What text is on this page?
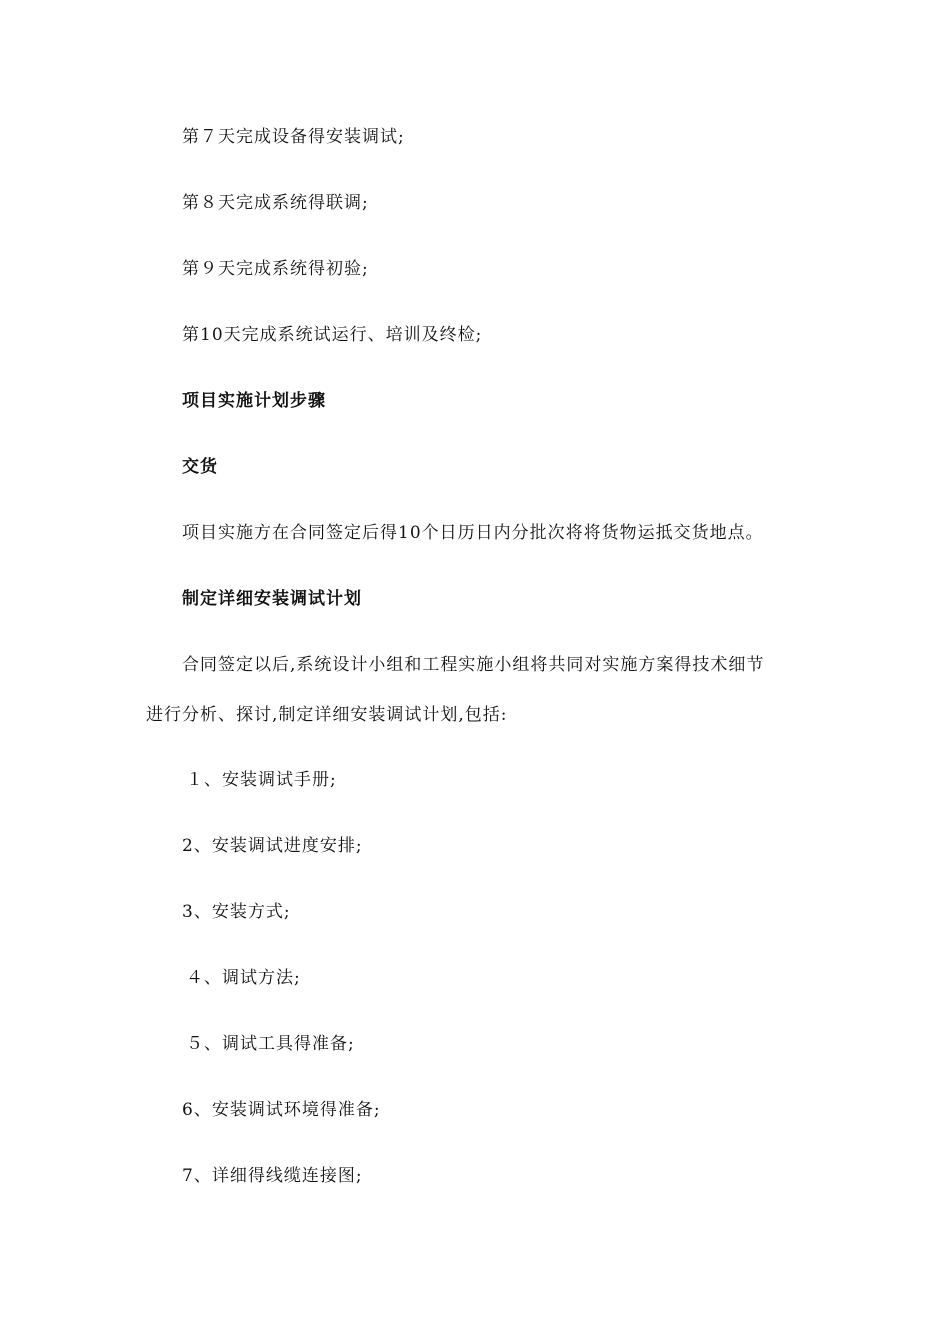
第７天完成设备得安装调试;
第８天完成系统得联调;
第９天完成系统得初验;
第10天完成系统试运行、培训及终检;
项目实施计划步骤
交货
项目实施方在合同签定后得10个日历日内分批次将将货物运抵交货地点。
制定详细安装调试计划
合同签定以后,系统设计小组和工程实施小组将共同对实施方案得技术细节
进行分析、探讨,制定详细安装调试计划,包括:
１、安装调试手册;
2、安装调试进度安排;
3、安装方式;
４、调试方法;
５、调试工具得准备;
6、安装调试环境得准备;
7、详细得线缆连接图;
